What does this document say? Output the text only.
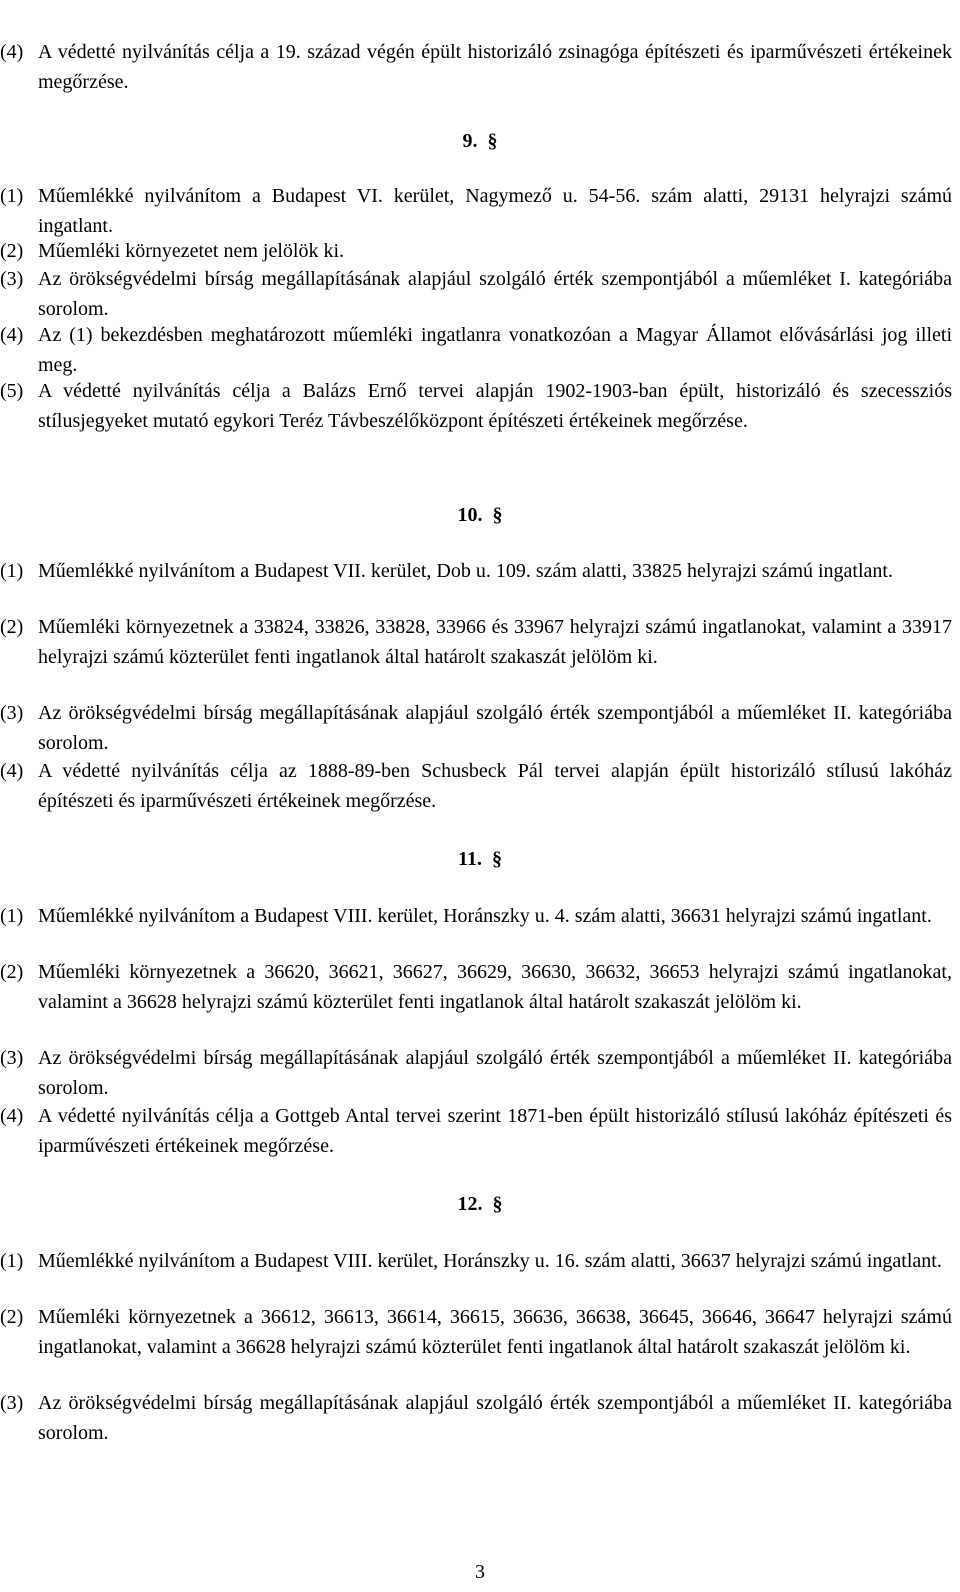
(4) A védetté nyilvánítás célja a 19. század végén épült historizáló zsinagóga építészeti és iparművészeti értékeinek megőrzése.
9. §
(1) Műemlékké nyilvánítom a Budapest VI. kerület, Nagymező u. 54-56. szám alatti, 29131 helyrajzi számú ingatlant.
(2) Műemléki környezetet nem jelölök ki.
(3) Az örökségvédelmi bírság megállapításának alapjául szolgáló érték szempontjából a műemléket I. kategóriába sorolom.
(4) Az (1) bekezdésben meghatározott műemléki ingatlanra vonatkozóan a Magyar Államot elővásárlási jog illeti meg.
(5) A védetté nyilvánítás célja a Balázs Ernő tervei alapján 1902-1903-ban épült, historizáló és szecessziós stílusjegyeket mutató egykori Teréz Távbeszélőközpont építészeti értékeinek megőrzése.
10. §
(1) Műemlékké nyilvánítom a Budapest VII. kerület, Dob u. 109. szám alatti, 33825 helyrajzi számú ingatlant.
(2) Műemléki környezetnek a 33824, 33826, 33828, 33966 és 33967 helyrajzi számú ingatlanokat, valamint a 33917 helyrajzi számú közterület fenti ingatlanok által határolt szakaszát jelölöm ki.
(3) Az örökségvédelmi bírság megállapításának alapjául szolgáló érték szempontjából a műemléket II. kategóriába sorolom.
(4) A védetté nyilvánítás célja az 1888-89-ben Schusbeck Pál tervei alapján épült historizáló stílusú lakóház építészeti és iparművészeti értékeinek megőrzése.
11. §
(1) Műemlékké nyilvánítom a Budapest VIII. kerület, Horánszky u. 4. szám alatti, 36631 helyrajzi számú ingatlant.
(2) Műemléki környezetnek a 36620, 36621, 36627, 36629, 36630, 36632, 36653 helyrajzi számú ingatlanokat, valamint a 36628 helyrajzi számú közterület fenti ingatlanok által határolt szakaszát jelölöm ki.
(3) Az örökségvédelmi bírság megállapításának alapjául szolgáló érték szempontjából a műemléket II. kategóriába sorolom.
(4) A védetté nyilvánítás célja a Gottgeb Antal tervei szerint 1871-ben épült historizáló stílusú lakóház építészeti és iparművészeti értékeinek megőrzése.
12. §
(1) Műemlékké nyilvánítom a Budapest VIII. kerület, Horánszky u. 16. szám alatti, 36637 helyrajzi számú ingatlant.
(2) Műemléki környezetnek a 36612, 36613, 36614, 36615, 36636, 36638, 36645, 36646, 36647 helyrajzi számú ingatlanokat, valamint a 36628 helyrajzi számú közterület fenti ingatlanok által határolt szakaszát jelölöm ki.
(3) Az örökségvédelmi bírság megállapításának alapjául szolgáló érték szempontjából a műemléket II. kategóriába sorolom.
3
